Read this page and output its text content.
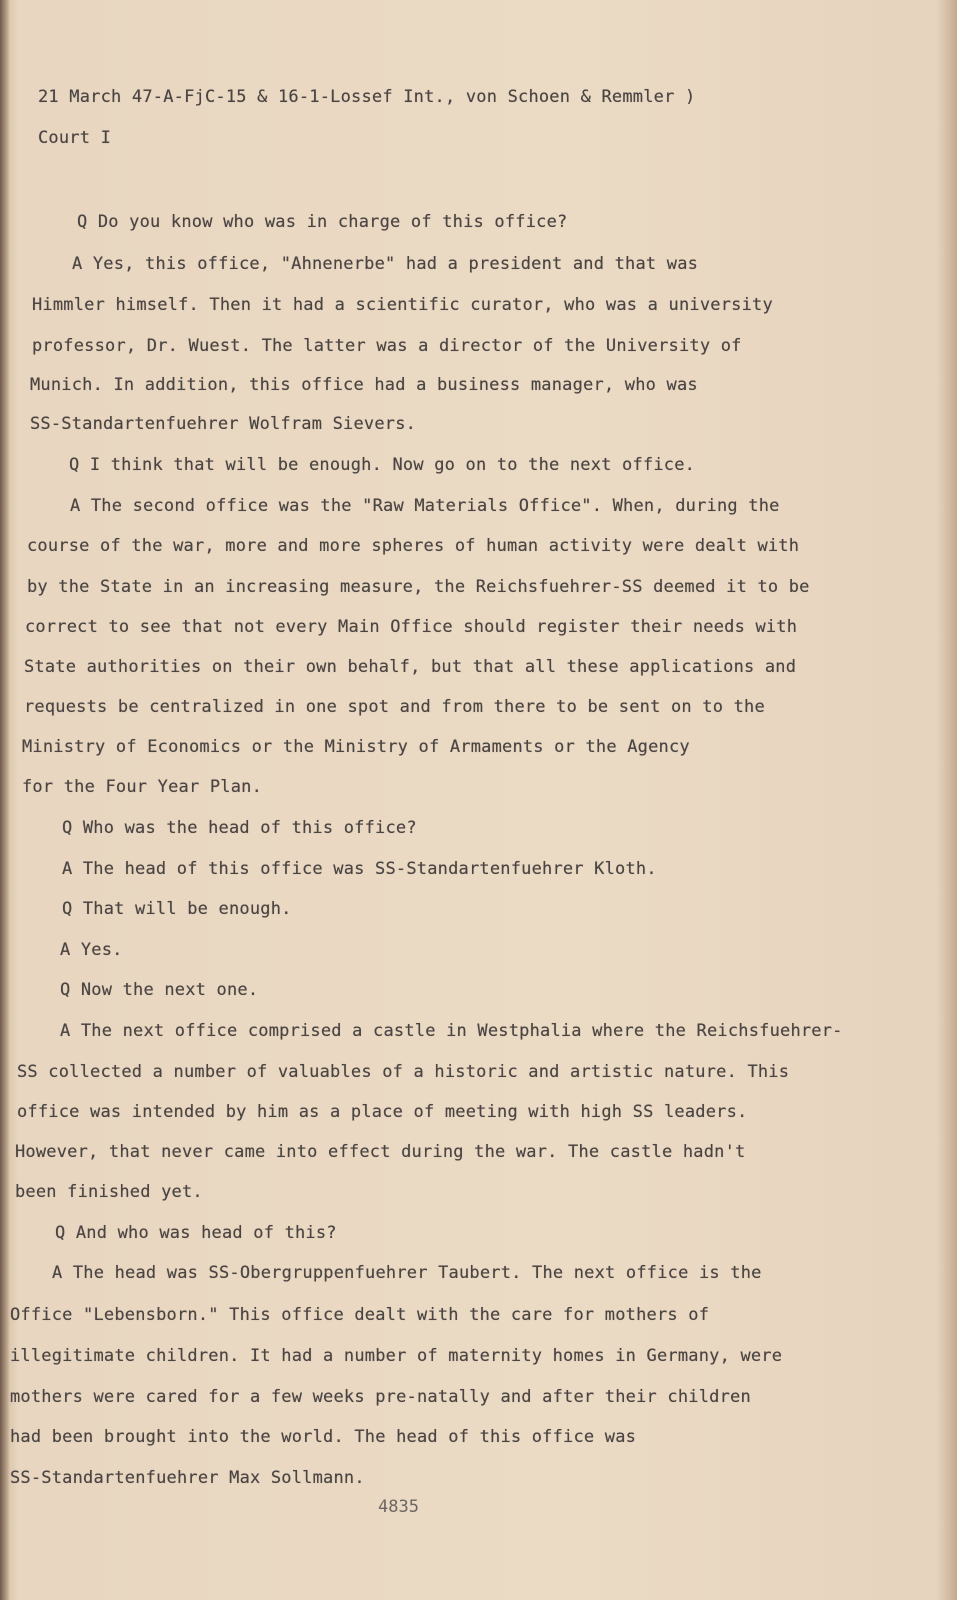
21 March 47-A-FjC-15 & 16-1-Lossef Int., von Schoen & Remmler )
Court I
Q Do you know who was in charge of this office?
A Yes, this office, "Ahnenerbe" had a president and that was
Himmler himself. Then it had a scientific curator, who was a university
professor, Dr. Wuest. The latter was a director of the University of
Munich. In addition, this office had a business manager, who was
SS-Standartenfuehrer Wolfram Sievers.
Q I think that will be enough. Now go on to the next office.
A The second office was the "Raw Materials Office". When, during the
course of the war, more and more spheres of human activity were dealt with
by the State in an increasing measure, the Reichsfuehrer-SS deemed it to be
correct to see that not every Main Office should register their needs with
State authorities on their own behalf, but that all these applications and
requests be centralized in one spot and from there to be sent on to the
Ministry of Economics or the Ministry of Armaments or the Agency
for the Four Year Plan.
Q Who was the head of this office?
A The head of this office was SS-Standartenfuehrer Kloth.
Q That will be enough.
A Yes.
Q Now the next one.
A The next office comprised a castle in Westphalia where the Reichsfuehrer-
SS collected a number of valuables of a historic and artistic nature. This
office was intended by him as a place of meeting with high SS leaders.
However, that never came into effect during the war. The castle hadn't
been finished yet.
Q And who was head of this?
A The head was SS-Obergruppenfuehrer Taubert. The next office is the
Office "Lebensborn." This office dealt with the care for mothers of
illegitimate children. It had a number of maternity homes in Germany, were
mothers were cared for a few weeks pre-natally and after their children
had been brought into the world. The head of this office was
SS-Standartenfuehrer Max Sollmann.
4835
